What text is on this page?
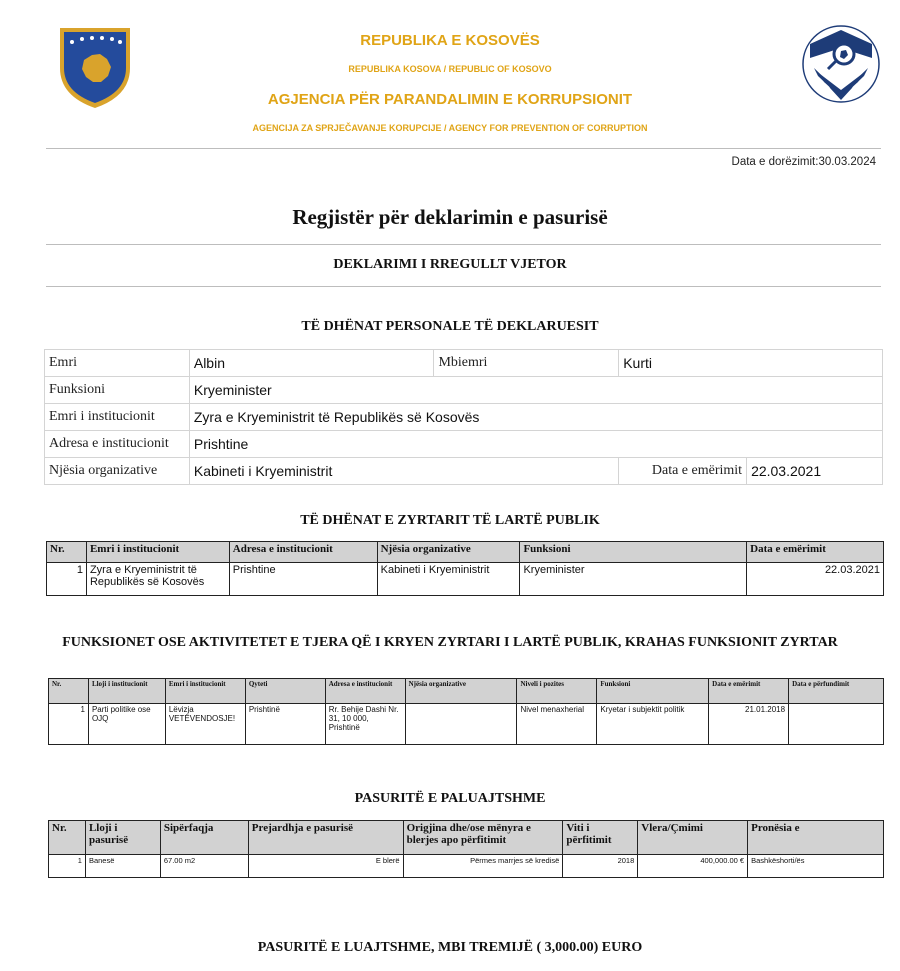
REPUBLIKA E KOSOVËS
REPUBLIKA KOSOVA / REPUBLIC OF KOSOVO
AGJENCIA PËR PARANDALIMIN E KORRUPSIONIT
AGENCIJA ZA SPRJEČAVANJE KORUPCIJE / AGENCY FOR PREVENTION OF CORRUPTION
Data e dorëzimit:30.03.2024
Regjistër për deklarimin e pasurisë
DEKLARIMI I RREGULLT VJETOR
TË DHËNAT PERSONALE TË DEKLARUESIT
Emri	Albin	Mbiemri	Kurti	
Funksioni	Kryeminister			
Emri i institucionit	Zyra e Kryeministrit të Republikës së Kosovës			
Adresa e institucionit	Prishtine			
Njësia organizative	Kabineti i Kryeministrit		Data e emërimit	22.03.2021
TË DHËNAT E ZYRTARIT TË LARTË PUBLIK
Nr.	Emri i institucionit	Adresa e institucionit	Njësia organizative	Funksioni	Data e emërimit
1	Zyra e Kryeministrit të Republikës së Kosovës	Prishtine	Kabineti i Kryeministrit	Kryeminister	22.03.2021
FUNKSIONET OSE AKTIVITETET E TJERA QË I KRYEN ZYRTARI I LARTË PUBLIK, KRAHAS FUNKSIONIT ZYRTAR
Nr.	Lloji i institucionit	Emri i institucionit	Qyteti	Adresa e institucionit	Njësia organizative	Niveli i pozites	Funksioni	Data e emërimit	Data e përfundimit
1	Parti politike ose OJQ	Lëvizja VETËVENDOSJE!	Prishtinë	Rr. Behije Dashi Nr. 31, 10 000, Prishtinë		Nivel menaxherial	Kryetar i subjektit politik	21.01.2018	
PASURITË E PALUAJTSHME
Nr.	Lloji i pasurisë	Sipërfaqja	Prejardhja e pasurisë	Origjina dhe/ose mënyra e blerjes apo përfitimit	Viti i përfitimit	Vlera/Çmimi	Pronësia e
1	Banesë	67.00 m2	E blerë	Përmes marrjes së kredisë	2018	400,000.00 €	Bashkëshorti/ës
PASURITË E LUAJTSHME, MBI TREMIJË ( 3,000.00) EURO
